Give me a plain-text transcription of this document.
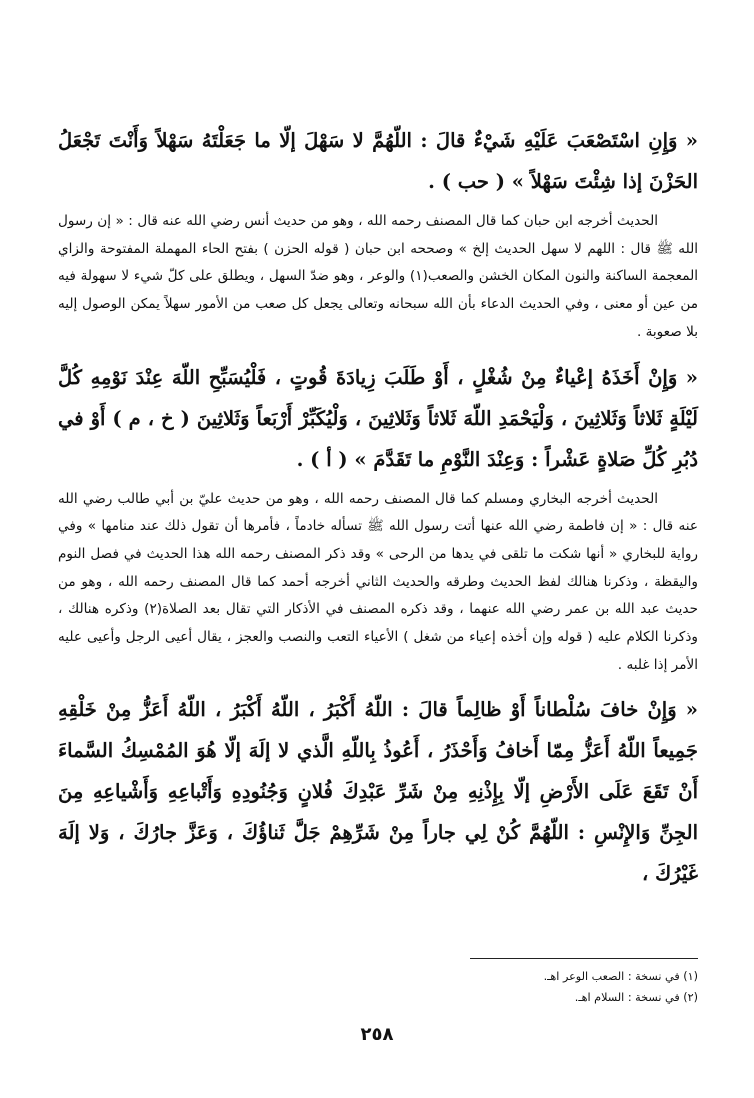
« وَإِنِ اسْتَصْعَبَ عَلَيْهِ شَيْءٌ قالَ : اللّهُمَّ لا سَهْلَ إلّا ما جَعَلْتَهُ سَهْلاً وَأَنْتَ تَجْعَلُ الحَزْنَ إذا شِئْتَ سَهْلاً » ( حب ) .

الحديث أخرجه ابن حبان كما قال المصنف رحمه الله ، وهو من حديث أنس رضي الله عنه قال : « إن رسول الله ﷺ قال : اللهم لا سهل الحديث إلخ » وصححه ابن حبان ( قوله الحزن ) بفتح الحاء المهملة المفتوحة والزاي المعجمة الساكنة والنون المكان الخشن والصعب(١) والوعر ، وهو ضدّ السهل ، ويطلق على كلّ شيء لا سهولة فيه من عين أو معنى ، وفي الحديث الدعاء بأن الله سبحانه وتعالى يجعل كل صعب من الأمور سهلاً يمكن الوصول إليه بلا صعوبة .

« وَإِنْ أَخَذَهُ إعْياءٌ مِنْ شُغْلٍ ، أَوْ طَلَبَ زِيادَةَ قُوتٍ ، فَلْيُسَبِّحِ اللّهَ عِنْدَ نَوْمِهِ كُلَّ لَيْلَةٍ ثَلاثاً وَثَلاثِينَ ، وَلْيَحْمَدِ اللّهَ ثَلاثاً وَثَلاثِينَ ، وَلْيُكَبِّرْ أَرْبَعاً وَثَلاثِينَ ( خ ، م ) أَوْ في دُبُرِ كُلِّ صَلاةٍ عَشْراً : وَعِنْدَ النَّوْمِ ما تَقَدَّمَ » ( أ ) .

الحديث أخرجه البخاري ومسلم كما قال المصنف رحمه الله ، وهو من حديث عليّ بن أبي طالب رضي الله عنه قال : « إن فاطمة رضي الله عنها أتت رسول الله ﷺ تسأله خادماً ، فأمرها أن تقول ذلك عند منامها » وفي رواية للبخاري « أنها شكت ما تلقى في يدها من الرحى » وقد ذكر المصنف رحمه الله هذا الحديث في فصل النوم واليقظة ، وذكرنا هنالك لفظ الحديث وطرقه والحديث الثاني أخرجه أحمد كما قال المصنف رحمه الله ، وهو من حديث عبد الله بن عمر رضي الله عنهما ، وقد ذكره المصنف في الأذكار التي تقال بعد الصلاة(٢) وذكره هنالك ، وذكرنا الكلام عليه ( قوله وإن أخذه إعياء من شغل ) الأعياء التعب والنصب والعجز ، يقال أعيى الرجل وأعيى عليه الأمر إذا غلبه .

« وَإِنْ خافَ سُلْطاناً أَوْ ظالِماً قالَ : اللّهُ أَكْبَرُ ، اللّهُ أَكْبَرُ ، اللّهُ أَعَزُّ مِنْ خَلْقِهِ جَمِيعاً اللّهُ أَعَزُّ مِمّا أَخافُ وَأَحْذَرُ ، أَعُوذُ بِاللّهِ الَّذي لا إلَهَ إلّا هُوَ المُمْسِكُ السَّماءَ أَنْ تَقَعَ عَلَى الأَرْضِ إلّا بِإِذْنِهِ مِنْ شَرِّ عَبْدِكَ فُلانٍ وَجُنُودِهِ وَأَتْباعِهِ وَأَشْياعِهِ مِنَ الجِنِّ وَالإِنْسِ : اللّهُمَّ كُنْ لِي جاراً مِنْ شَرِّهِمْ جَلَّ ثَناؤُكَ ، وَعَزَّ جارُكَ ، وَلا إلَهَ غَيْرُكَ ،

(١) في نسخة : الصعب الوعر اهـ.
(٢) في نسخة : السلام اهـ.
٢٥٨
